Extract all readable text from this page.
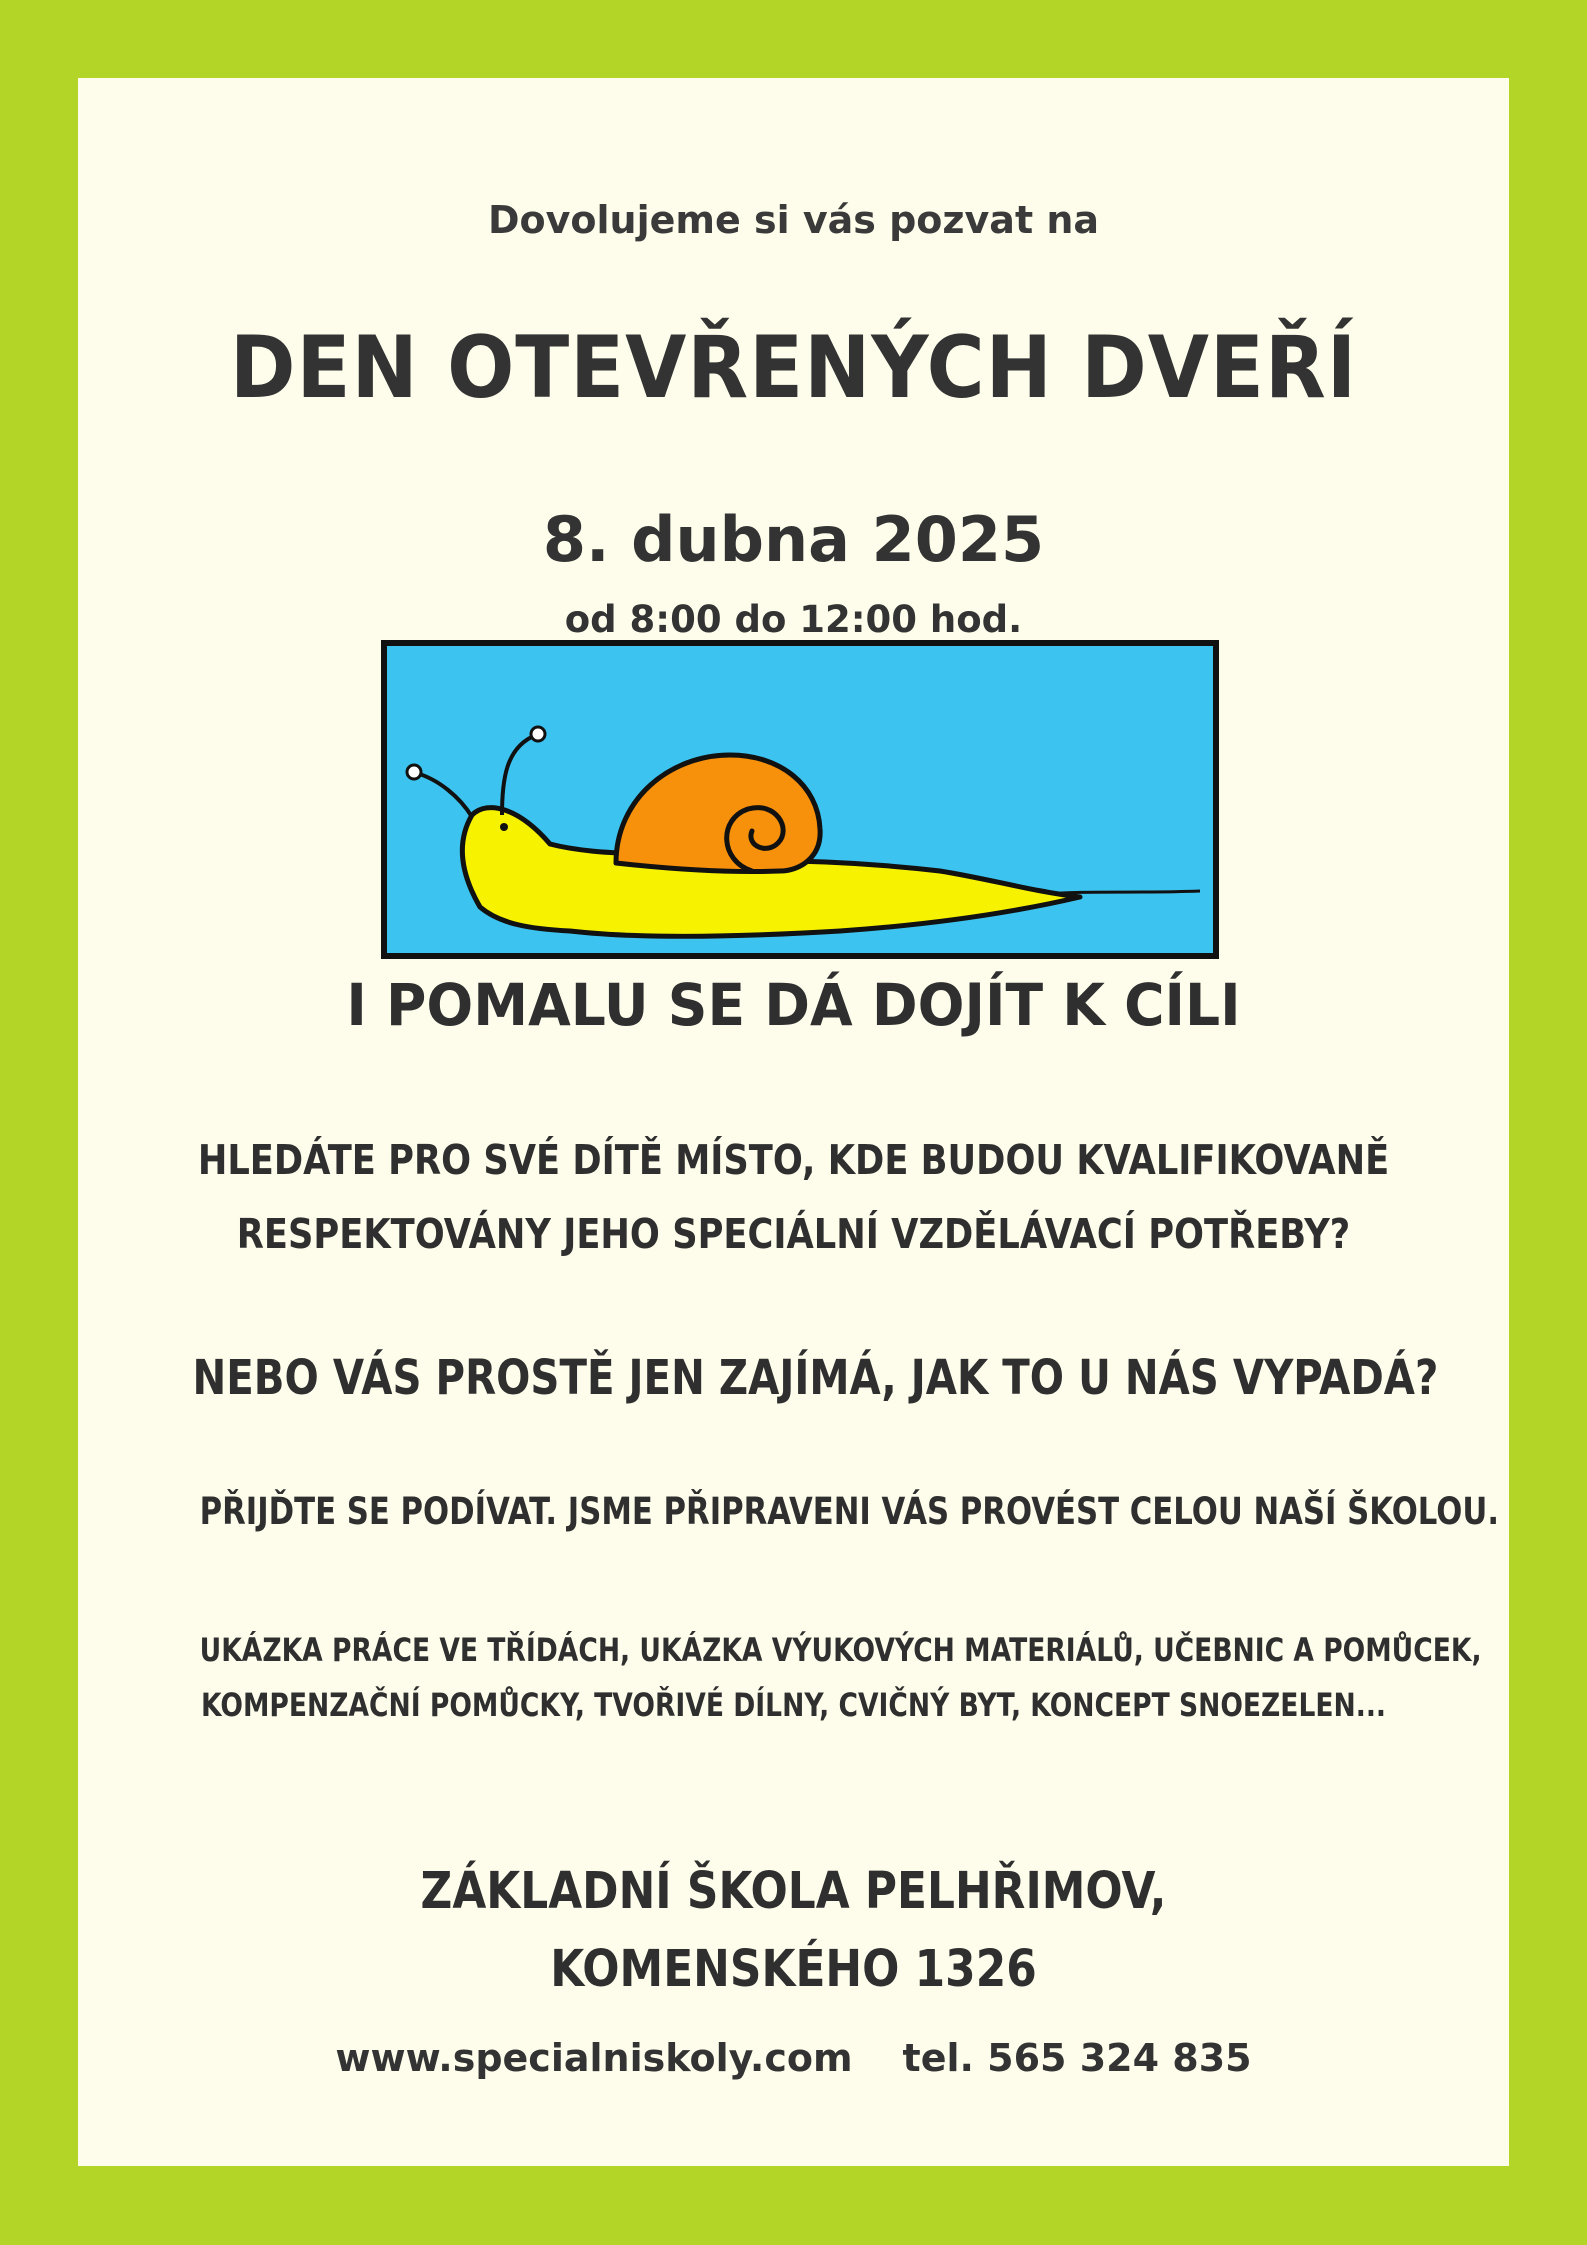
Dovolujeme si vás pozvat na
DEN OTEVŘENÝCH DVEŘÍ
8. dubna 2025
od 8:00 do 12:00 hod.
I POMALU SE DÁ DOJÍT K CÍLI
HLEDÁTE PRO SVÉ DÍTĚ MÍSTO, KDE BUDOU KVALIFIKOVANĚ
RESPEKTOVÁNY JEHO SPECIÁLNÍ VZDĚLÁVACÍ POTŘEBY?
NEBO VÁS PROSTĚ JEN ZAJÍMÁ, JAK TO U NÁS VYPADÁ?
PŘIJĎTE SE PODÍVAT. JSME PŘIPRAVENI VÁS PROVÉST CELOU NAŠÍ ŠKOLOU.
UKÁZKA PRÁCE VE TŘÍDÁCH, UKÁZKA VÝUKOVÝCH MATERIÁLŮ, UČEBNIC A POMŮCEK,
KOMPENZAČNÍ POMŮCKY, TVOŘIVÉ DÍLNY, CVIČNÝ BYT, KONCEPT SNOEZELEN...
ZÁKLADNÍ ŠKOLA PELHŘIMOV,
KOMENSKÉHO 1326
www.specialniskoly.com tel. 565 324 835
